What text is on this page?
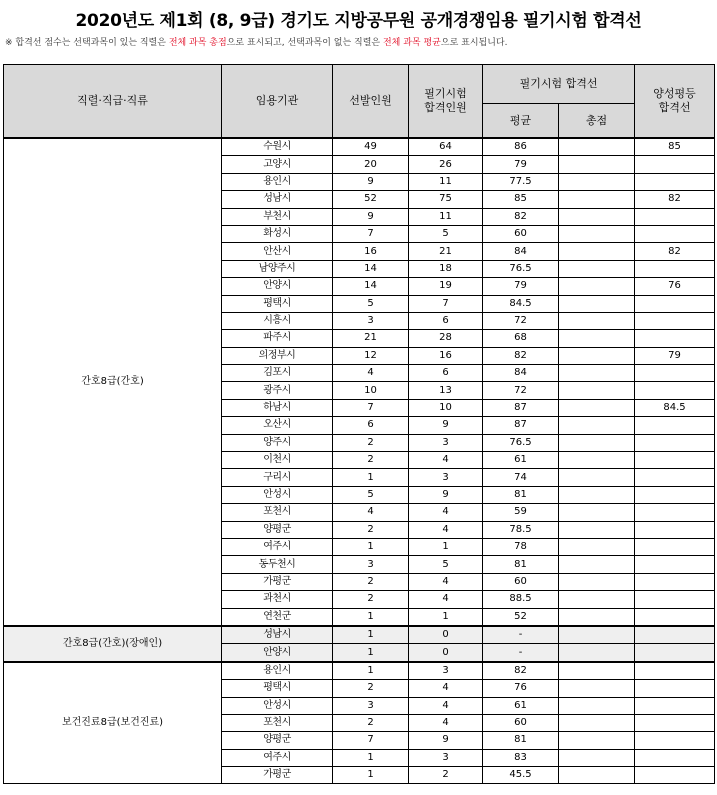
2020년도 제1회 (8, 9급) 경기도 지방공무원 공개경쟁임용 필기시험 합격선
※ 합격선 점수는 선택과목이 있는 직렬은 전체 과목 총점으로 표시되고, 선택과목이 없는 직렬은 전체 과목 평균으로 표시됩니다.
직렬·직급·직류	임용기관	선발인원	필기시험
합격인원	필기시험 합격선		양성평등
합격선
				평균	총점	
간호8급(간호)	수원시	49	64	86		85
	고양시	20	26	79		
	용인시	9	11	77.5		
	성남시	52	75	85		82
	부천시	9	11	82		
	화성시	7	5	60		
	안산시	16	21	84		82
	남양주시	14	18	76.5		
	안양시	14	19	79		76
	평택시	5	7	84.5		
	시흥시	3	6	72		
	파주시	21	28	68		
	의정부시	12	16	82		79
	김포시	4	6	84		
	광주시	10	13	72		
	하남시	7	10	87		84.5
	오산시	6	9	87		
	양주시	2	3	76.5		
	이천시	2	4	61		
	구리시	1	3	74		
	안성시	5	9	81		
	포천시	4	4	59		
	양평군	2	4	78.5		
	여주시	1	1	78		
	동두천시	3	5	81		
	가평군	2	4	60		
	과천시	2	4	88.5		
	연천군	1	1	52		
간호8급(간호)(장애인)	성남시	1	0	-		
	안양시	1	0	-		
보건진료8급(보건진료)	용인시	1	3	82		
	평택시	2	4	76		
	안성시	3	4	61		
	포천시	2	4	60		
	양평군	7	9	81		
	여주시	1	3	83		
	가평군	1	2	45.5		
